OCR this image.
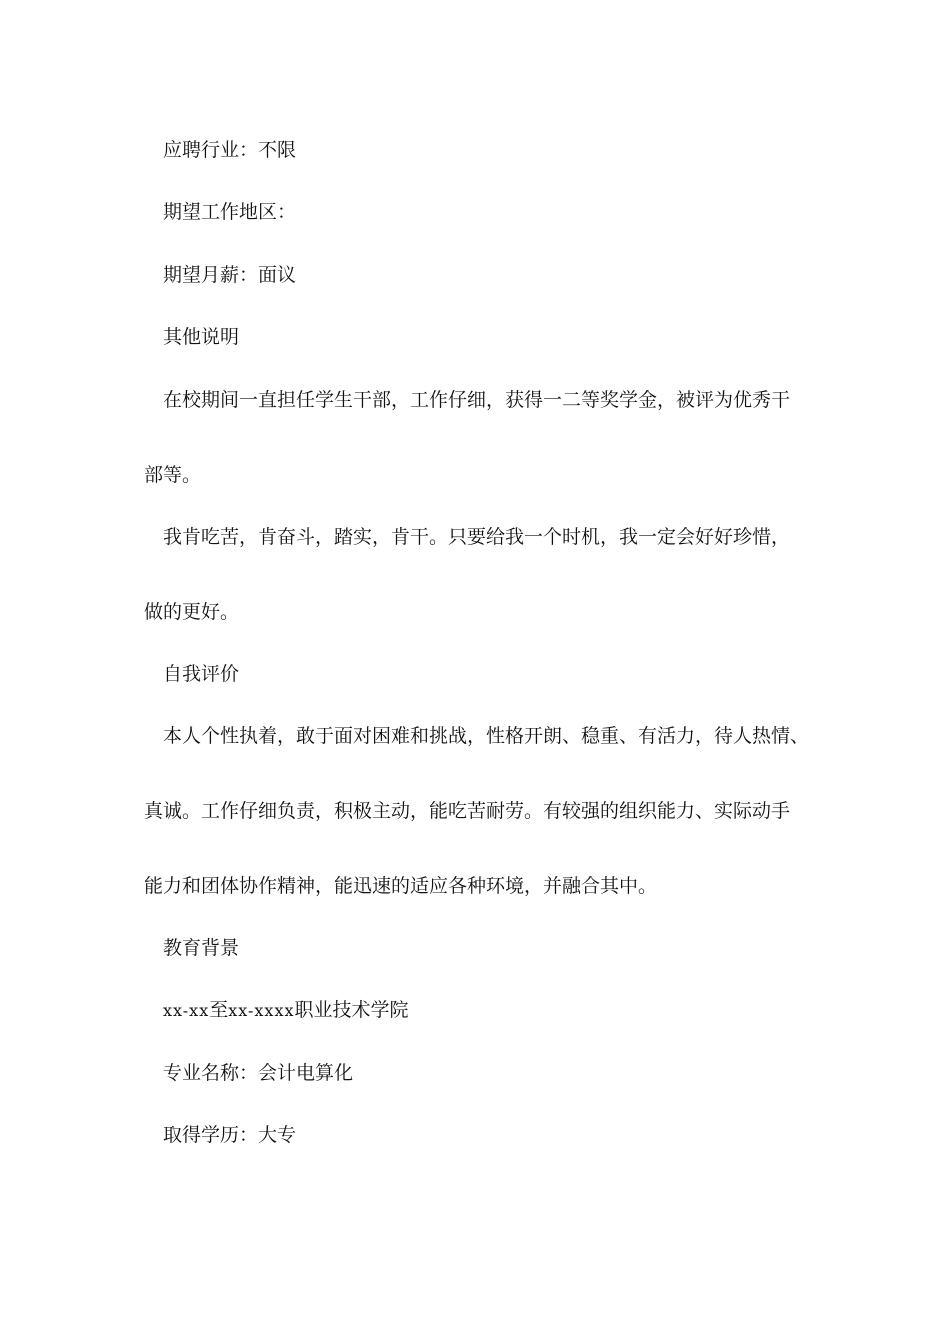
应聘行业：不限

期望工作地区：

期望月薪：面议

其他说明

在校期间一直担任学生干部，工作仔细，获得一二等奖学金，被评为优秀干

部等。

我肯吃苦，肯奋斗，踏实，肯干。只要给我一个时机，我一定会好好珍惜，

做的更好。

自我评价

本人个性执着，敢于面对困难和挑战，性格开朗、稳重、有活力，待人热情、

真诚。工作仔细负责，积极主动，能吃苦耐劳。有较强的组织能力、实际动手

能力和团体协作精神，能迅速的适应各种环境，并融合其中。

教育背景

xx-xx至xx-xxxx职业技术学院

专业名称：会计电算化

取得学历：大专
